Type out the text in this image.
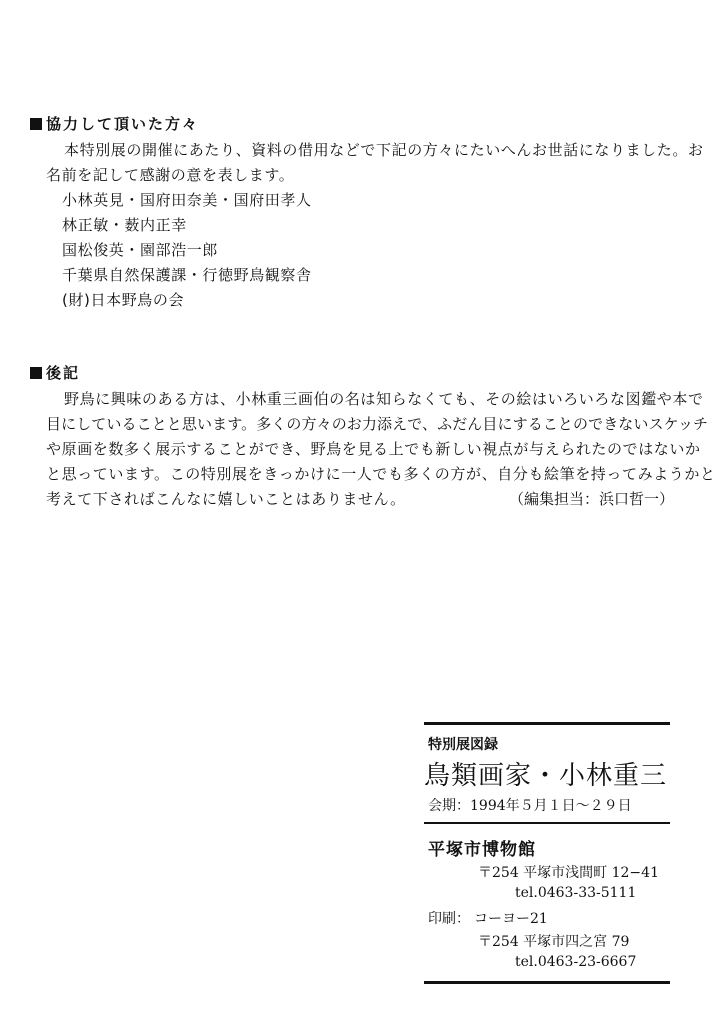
協力して頂いた方々
本特別展の開催にあたり、資料の借用などで下記の方々にたいへんお世話になりました。お
名前を記して感謝の意を表します。
小林英見・国府田奈美・国府田孝人
林正敏・薮内正幸
国松俊英・園部浩一郎
千葉県自然保護課・行徳野鳥観察舎
(財)日本野鳥の会
後記
野鳥に興味のある方は、小林重三画伯の名は知らなくても、その絵はいろいろな図鑑や本で
目にしていることと思います。多くの方々のお力添えで、ふだん目にすることのできないスケッチ
や原画を数多く展示することができ、野鳥を見る上でも新しい視点が与えられたのではないか
と思っています。この特別展をきっかけに一人でも多くの方が、自分も絵筆を持ってみようかと
考えて下さればこんなに嬉しいことはありません。	（編集担当：浜口哲一）
特別展図録
鳥類画家・小林重三
会期：1994年５月１日〜２９日
平塚市博物館
〒254 平塚市浅間町 12−41
tel.0463-33-5111
印刷： コーヨー21
〒254 平塚市四之宮 79
tel.0463-23-6667
